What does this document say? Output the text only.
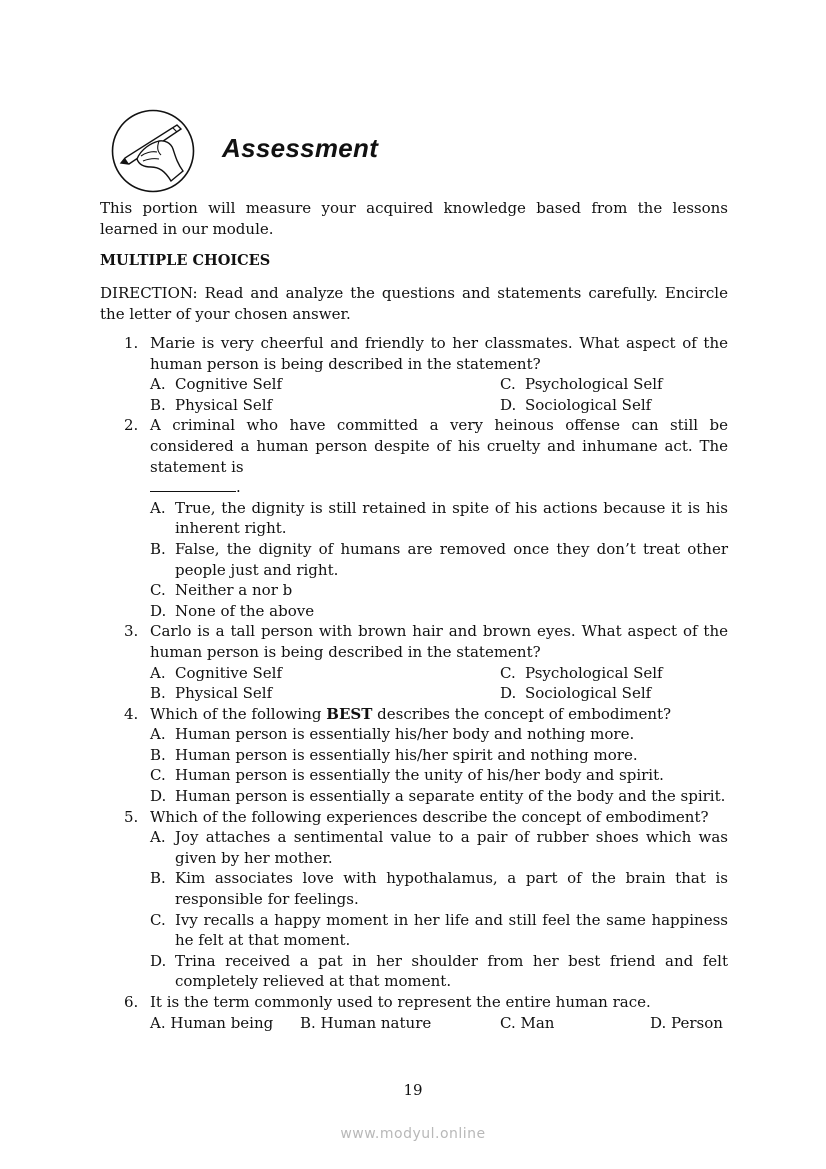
Assessment
This portion will measure your acquired knowledge based from the lessons learned in our module.
MULTIPLE CHOICES
DIRECTION: Read and analyze the questions and statements carefully. Encircle the letter of your chosen answer.
1. Marie is very cheerful and friendly to her classmates. What aspect of the human person is being described in the statement?
A. Cognitive Self	C. Psychological Self
B. Physical Self	D. Sociological Self
2. A criminal who have committed a very heinous offense can still be considered a human person despite of his cruelty and inhumane act. The statement is
.
A. True, the dignity is still retained in spite of his actions because it is his inherent right.
B. False, the dignity of humans are removed once they don’t treat other people just and right.
C. Neither a nor b
D. None of the above
3. Carlo is a tall person with brown hair and brown eyes. What aspect of the human person is being described in the statement?
A. Cognitive Self	C. Psychological Self
B. Physical Self	D. Sociological Self
4. Which of the following BEST describes the concept of embodiment?
A. Human person is essentially his/her body and nothing more.
B. Human person is essentially his/her spirit and nothing more.
C. Human person is essentially the unity of his/her body and spirit.
D. Human person is essentially a separate entity of the body and the spirit.
5. Which of the following experiences describe the concept of embodiment?
A. Joy attaches a sentimental value to a pair of rubber shoes which was given by her mother.
B. Kim associates love with hypothalamus, a part of the brain that is responsible for feelings.
C. Ivy recalls a happy moment in her life and still feel the same happiness he felt at that moment.
D. Trina received a pat in her shoulder from her best friend and felt completely relieved at that moment.
6. It is the term commonly used to represent the entire human race.
A. Human being B. Human nature	C. Man	D. Person
19
www.modyul.online
